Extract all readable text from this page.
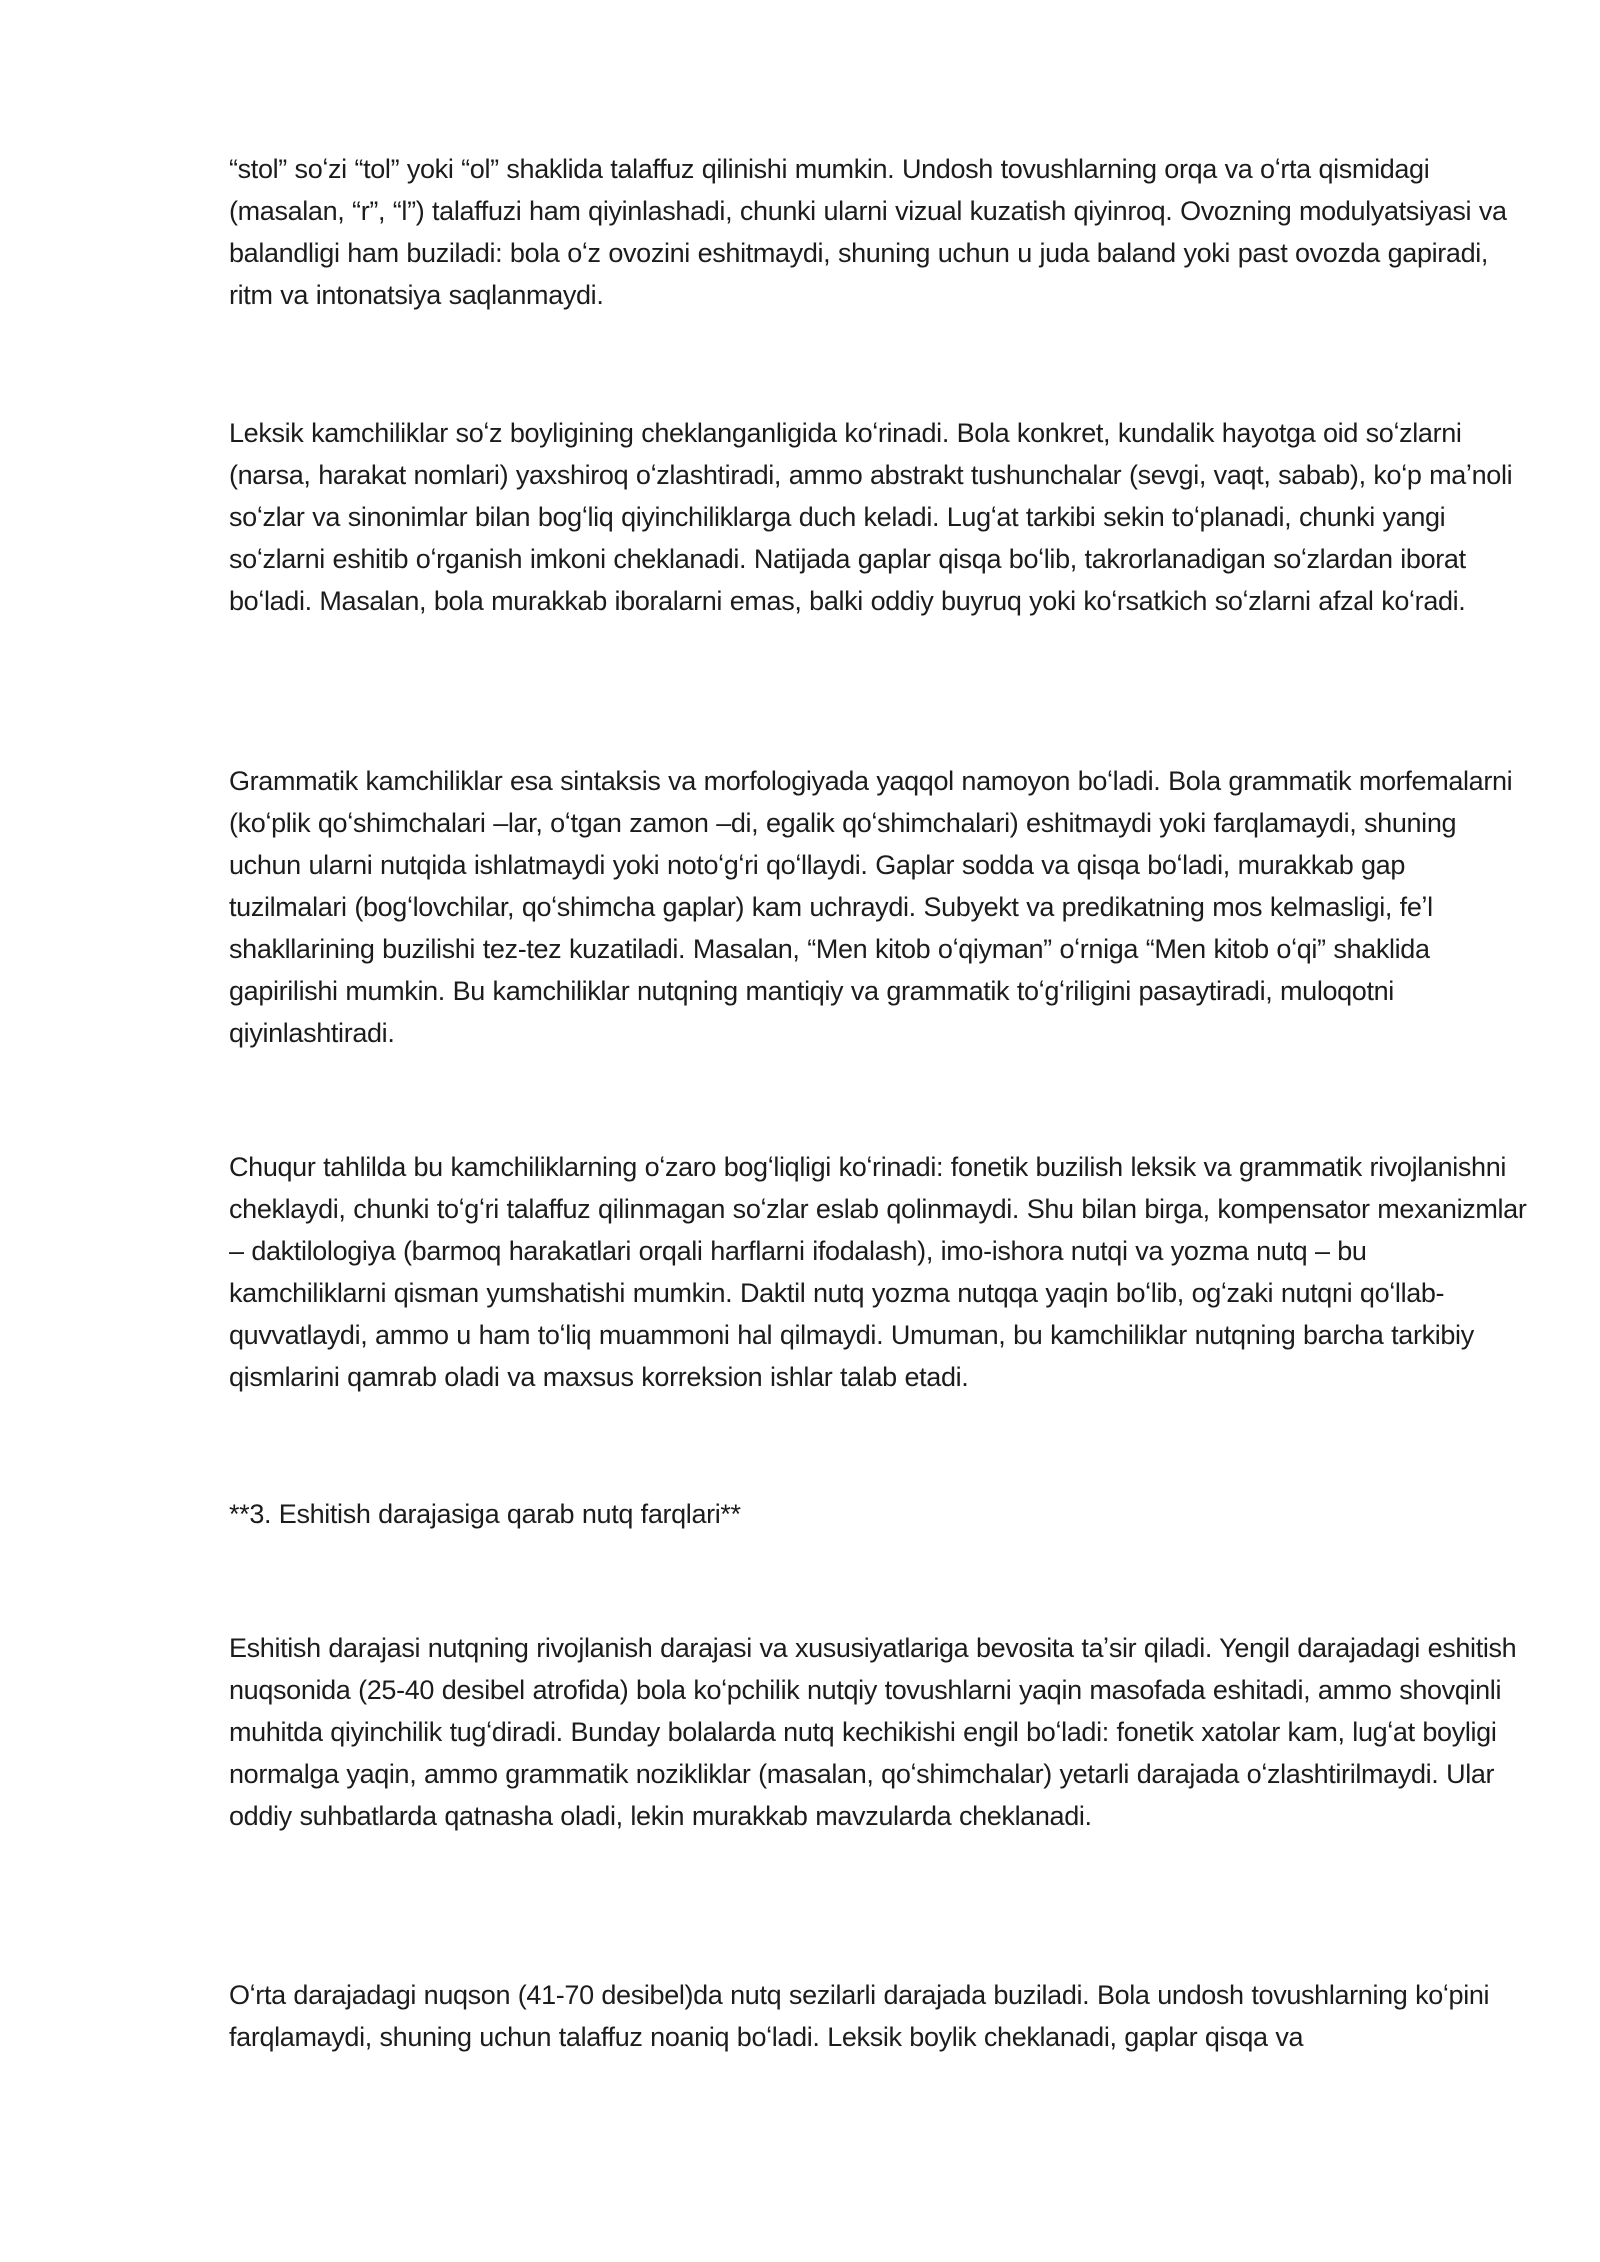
“stol” soʻzi “tol” yoki “ol” shaklida talaffuz qilinishi mumkin. Undosh tovushlarning orqa va oʻrta qismidagi (masalan, “r”, “l”) talaffuzi ham qiyinlashadi, chunki ularni vizual kuzatish qiyinroq. Ovozning modulyatsiyasi va balandligi ham buziladi: bola oʻz ovozini eshitmaydi, shuning uchun u juda baland yoki past ovozda gapiradi, ritm va intonatsiya saqlanmaydi.

Leksik kamchiliklar soʻz boyligining cheklanganligida koʻrinadi. Bola konkret, kundalik hayotga oid soʻzlarni (narsa, harakat nomlari) yaxshiroq oʻzlashtiradi, ammo abstrakt tushunchalar (sevgi, vaqt, sabab), koʻp maʼnoli soʻzlar va sinonimlar bilan bogʻliq qiyinchiliklarga duch keladi. Lugʻat tarkibi sekin toʻplanadi, chunki yangi soʻzlarni eshitib oʻrganish imkoni cheklanadi. Natijada gaplar qisqa boʻlib, takrorlanadigan soʻzlardan iborat boʻladi. Masalan, bola murakkab iboralarni emas, balki oddiy buyruq yoki koʻrsatkich soʻzlarni afzal koʻradi.

Grammatik kamchiliklar esa sintaksis va morfologiyada yaqqol namoyon boʻladi. Bola grammatik morfemalarni (koʻplik qoʻshimchalari –lar, oʻtgan zamon –di, egalik qoʻshimchalari) eshitmaydi yoki farqlamaydi, shuning uchun ularni nutqida ishlatmaydi yoki notoʻgʻri qoʻllaydi. Gaplar sodda va qisqa boʻladi, murakkab gap tuzilmalari (bogʻlovchilar, qoʻshimcha gaplar) kam uchraydi. Subyekt va predikatning mos kelmasligi, feʼl shakllarining buzilishi tez-tez kuzatiladi. Masalan, “Men kitob oʻqiyman” oʻrniga “Men kitob oʻqi” shaklida gapirilishi mumkin. Bu kamchiliklar nutqning mantiqiy va grammatik toʻgʻriligini pasaytiradi, muloqotni qiyinlashtiradi.

Chuqur tahlilda bu kamchiliklarning oʻzaro bogʻliqligi koʻrinadi: fonetik buzilish leksik va grammatik rivojlanishni cheklaydi, chunki toʻgʻri talaffuz qilinmagan soʻzlar eslab qolinmaydi. Shu bilan birga, kompensator mexanizmlar – daktilologiya (barmoq harakatlari orqali harflarni ifodalash), imo-ishora nutqi va yozma nutq – bu kamchiliklarni qisman yumshatishi mumkin. Daktil nutq yozma nutqqa yaqin boʻlib, ogʻzaki nutqni qoʻllab-quvvatlaydi, ammo u ham toʻliq muammoni hal qilmaydi. Umuman, bu kamchiliklar nutqning barcha tarkibiy qismlarini qamrab oladi va maxsus korreksion ishlar talab etadi.

**3. Eshitish darajasiga qarab nutq farqlari**

Eshitish darajasi nutqning rivojlanish darajasi va xususiyatlariga bevosita taʼsir qiladi. Yengil darajadagi eshitish nuqsonida (25-40 desibel atrofida) bola koʻpchilik nutqiy tovushlarni yaqin masofada eshitadi, ammo shovqinli muhitda qiyinchilik tugʻdiradi. Bunday bolalarda nutq kechikishi engil boʻladi: fonetik xatolar kam, lugʻat boyligi normalga yaqin, ammo grammatik nozikliklar (masalan, qoʻshimchalar) yetarli darajada oʻzlashtirilmaydi. Ular oddiy suhbatlarda qatnasha oladi, lekin murakkab mavzularda cheklanadi.

Oʻrta darajadagi nuqson (41-70 desibel)da nutq sezilarli darajada buziladi. Bola undosh tovushlarning koʻpini farqlamaydi, shuning uchun talaffuz noaniq boʻladi. Leksik boylik cheklanadi, gaplar qisqa va
